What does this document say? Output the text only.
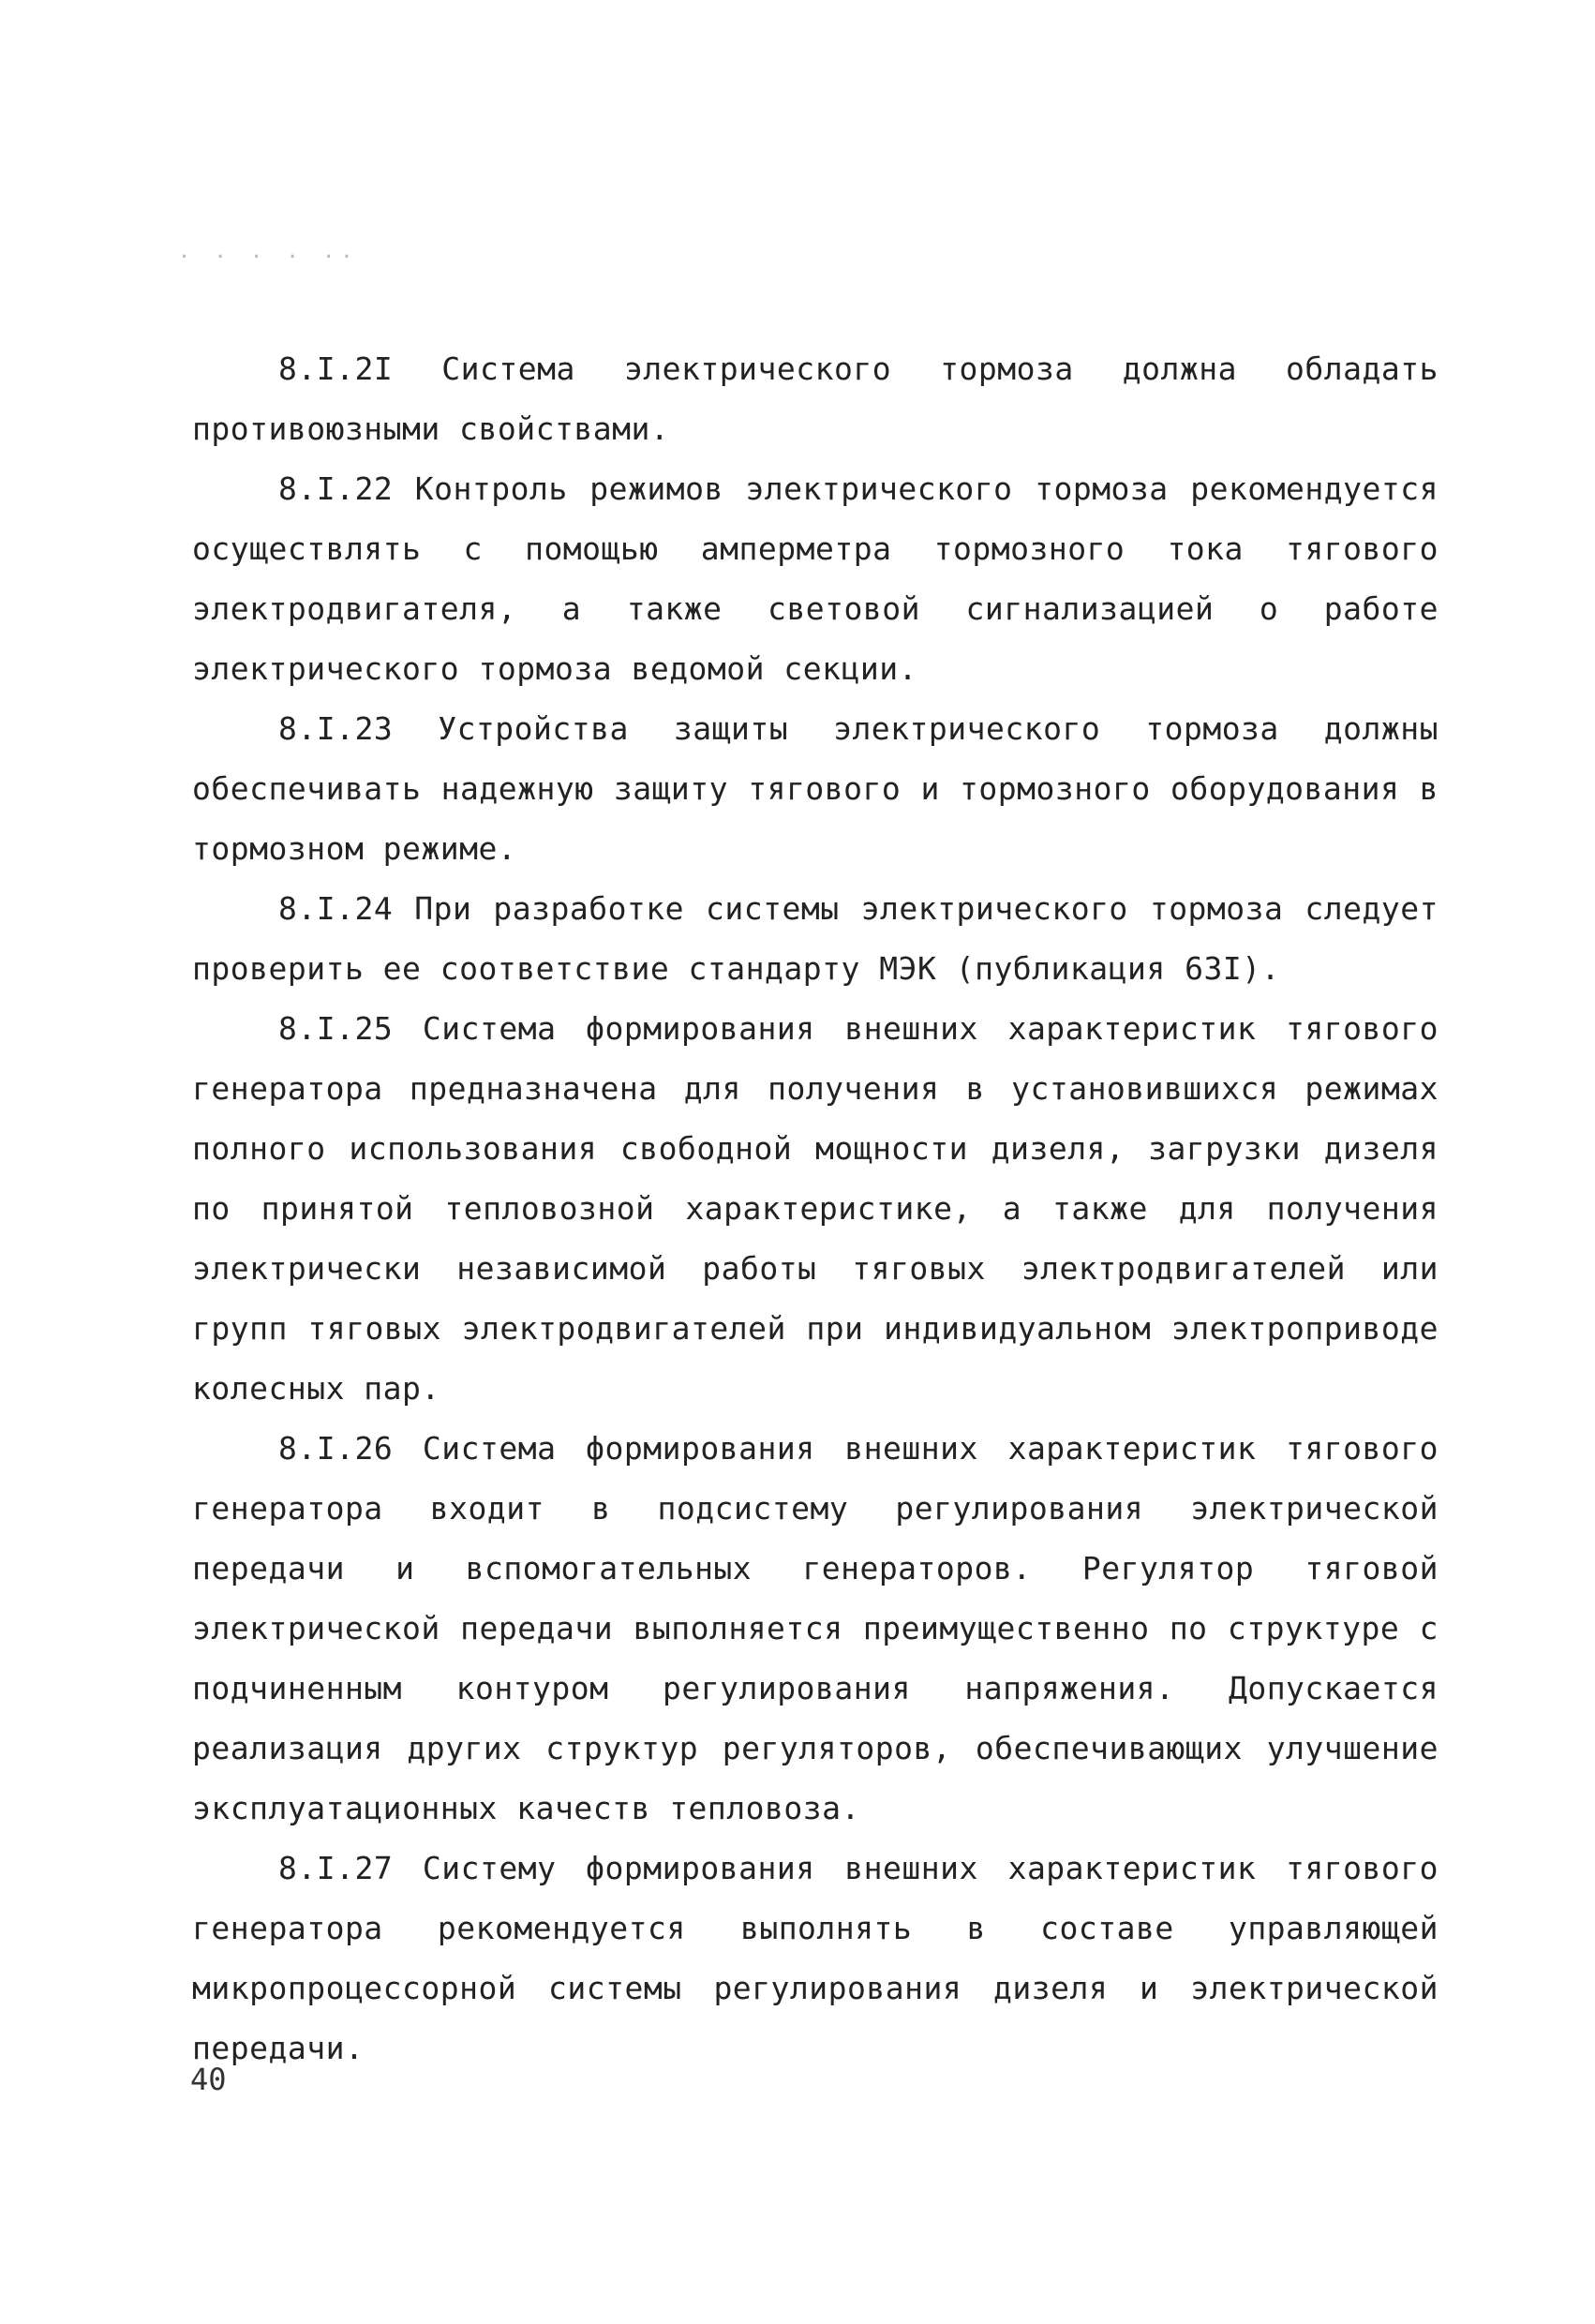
· · · · ··

8.I.2I Система электрического тормоза должна обладать противоюзными свойствами.

8.I.22 Контроль режимов электрического тормоза рекомендуется осуществлять с помощью амперметра тормозного тока тягового электродвигателя, а также световой сигнализацией о работе электрического тормоза ведомой секции.

8.I.23 Устройства защиты электрического тормоза должны обеспечивать надежную защиту тягового и тормозного оборудования в тормозном режиме.

8.I.24 При разработке системы электрического тормоза следует проверить ее соответствие стандарту МЭК (публикация 63I).

8.I.25 Система формирования внешних характеристик тягового генератора предназначена для получения в установившихся режимах полного использования свободной мощности дизеля, загрузки дизеля по принятой тепловозной характеристике, а также для получения электрически независимой работы тяговых электродвигателей или групп тяговых электродвигателей при индивидуальном электроприводе колесных пар.

8.I.26 Система формирования внешних характеристик тягового генератора входит в подсистему регулирования электрической передачи и вспомогательных генераторов. Регулятор тяговой электрической передачи выполняется преимущественно по структуре с подчиненным контуром регулирования напряжения. Допускается реализация других структур регуляторов, обеспечивающих улучшение эксплуатационных качеств тепловоза.

8.I.27 Систему формирования внешних характеристик тягового генератора рекомендуется выполнять в составе управляющей микропроцессорной системы регулирования дизеля и электрической передачи.

40
